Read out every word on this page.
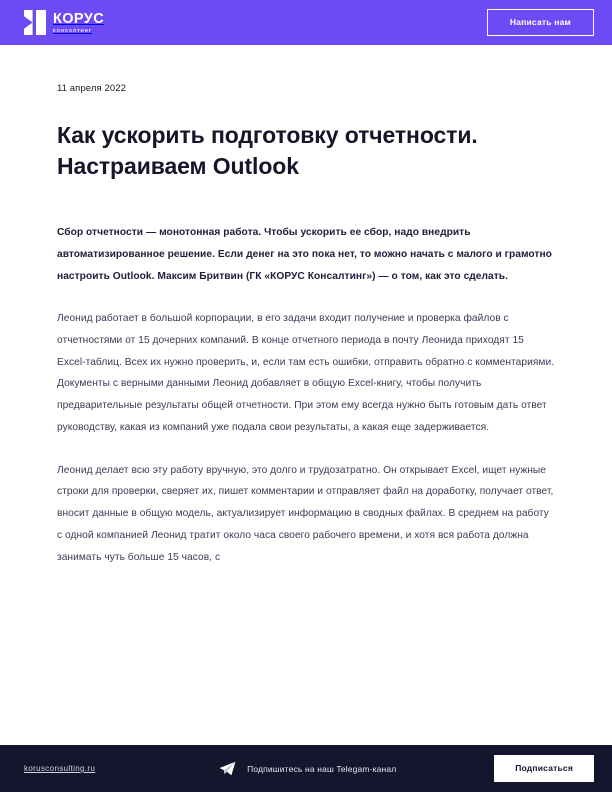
КОРУС
КОНСАЛТИНГ
Написать нам
11 апреля 2022
Как ускорить подготовку отчетности. Настраиваем Outlook

Сбор отчетности — монотонная работа. Чтобы ускорить ее сбор, надо внедрить автоматизированное решение. Если денег на это пока нет, то можно начать с малого и грамотно настроить Outlook. Максим Бритвин (ГК «КОРУС Консалтинг») — о том, как это сделать.

Леонид работает в большой корпорации, в его задачи входит получение и проверка файлов с отчетностями от 15 дочерних компаний. В конце отчетного периода в почту Леонида приходят 15 Excel-таблиц. Всех их нужно проверить, и, если там есть ошибки, отправить обратно с комментариями. Документы с верными данными Леонид добавляет в общую Excel-книгу, чтобы получить предварительные результаты общей отчетности. При этом ему всегда нужно быть готовым дать ответ руководству, какая из компаний уже подала свои результаты, а какая еще задерживается.

Леонид делает всю эту работу вручную, это долго и трудозатратно. Он открывает Excel, ищет нужные строки для проверки, сверяет их, пишет комментарии и отправляет файл на доработку, получает ответ, вносит данные в общую модель, актуализирует информацию в сводных файлах. В среднем на работу с одной компанией Леонид тратит около часа своего рабочего времени, и хотя вся работа должна занимать чуть больше 15 часов, с

korusconsulting.ru	Подпишитесь на наш Telegam-канал	Подписаться
